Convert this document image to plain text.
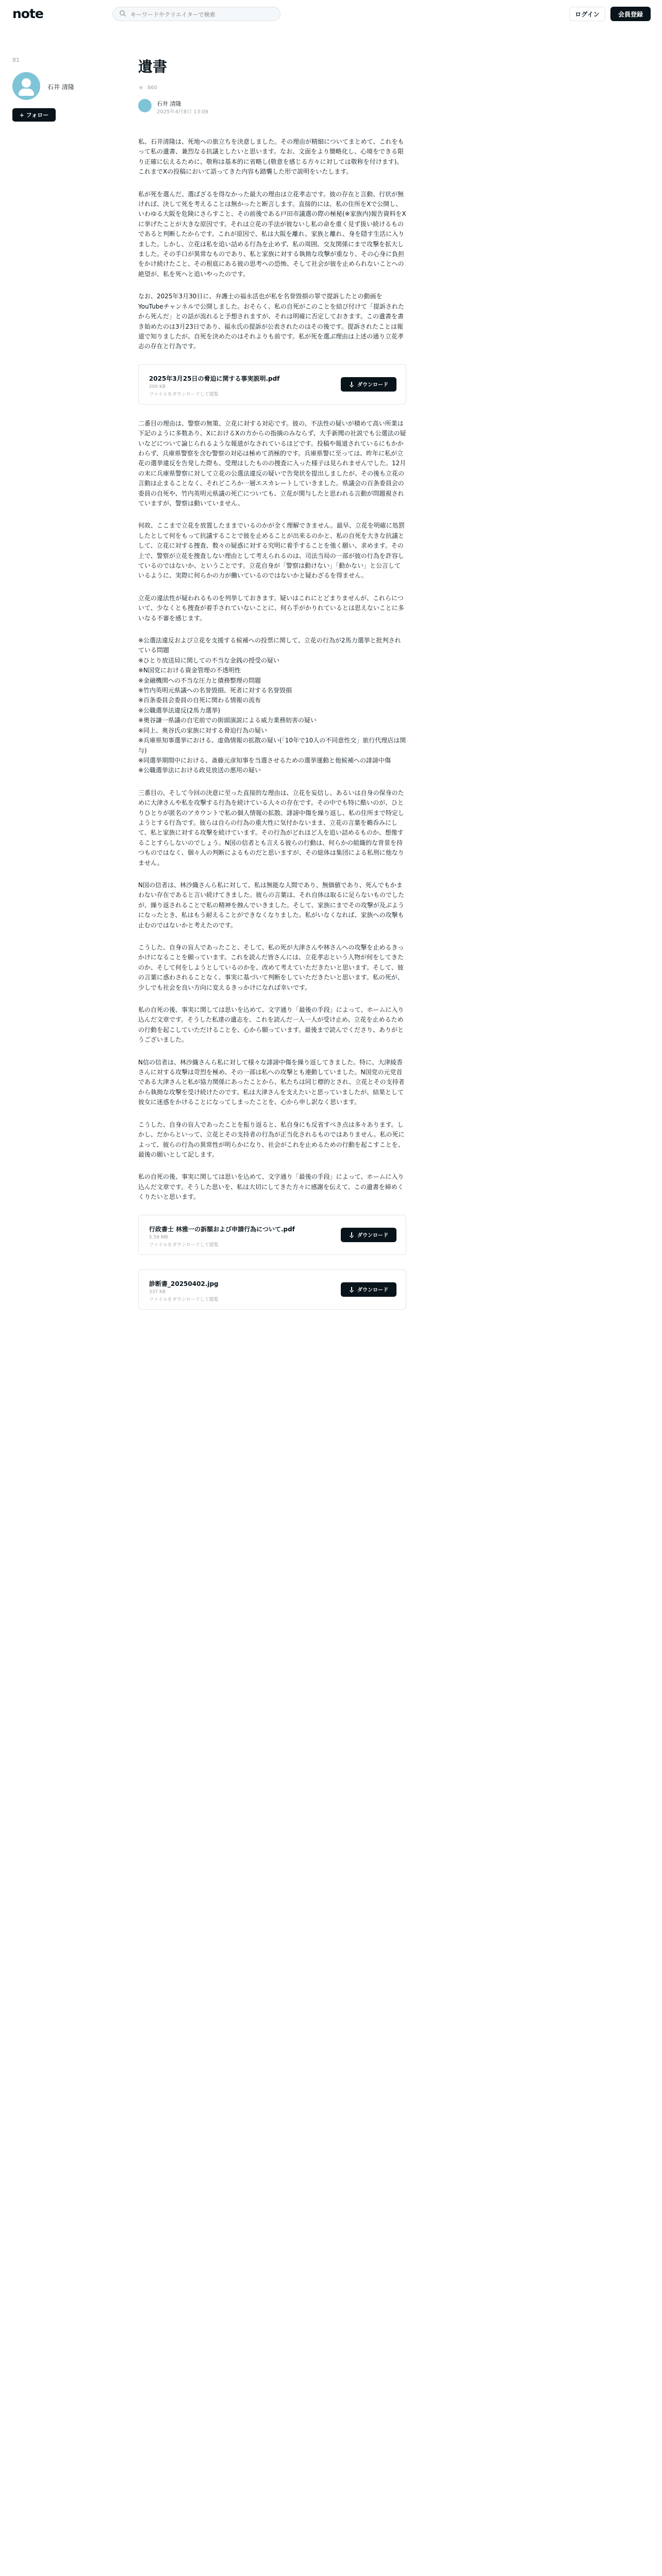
note
キーワードやクリエイターで検索	ログイン	会員登録
81
石井 清隆
+ フォロー
遺書
★ 860
石井 清隆
2025年4月8日 13:09

私、石井清隆は、死地への旅立ちを決意しました。その理由が精細についてまとめて、これをもって私の遺書、兼烈なる抗議としたいと思います。なお、文面をより簡略化し、心境をできる限り正確に伝えるために、敬称は基本的に省略し(敬意を感じる方々に対しては敬称を付けます)。これまでXの投稿において語ってきた内容も踏襲した形で説明をいたします。

私が死を選んだ、選ばざるを得なかった最大の理由は立花孝志です。彼の存在と言動、行状が無ければ、決して死を考えることは無かったと断言します。直接的には、私の住所をXで公開し、いわゆる大阪を危険にさらすこと、その前後である戸田市議選の際の極秘(※家族内)報告資料をXに挙げたことが大きな原因です。それは立花の手法が彼ないし私の命を重く見ず扱い続けるものであると判断したからです。これが原因で、私は大阪を離れ、家族と離れ、身を隠す生活に入りました。しかし、立花は私を追い詰める行為を止めず、私の周囲、交友関係にまで攻撃を拡大しました。その手口が異常なものであり、私と家族に対する執拗な攻撃が重なり、その心身に負担をかけ続けたこと、その根底にある彼の思考への恐怖、そして社会が彼を止められないことへの絶望が、私を死へと追いやったのです。

なお、2025年3月30日に、弁護士の福永活也が私を名誉毀損の罪で提訴したとの動画をYouTubeチャンネルで公開しました。おそらく、私の自死がこのことを結び付けて「提訴されたから死んだ」との話が流れると予想されますが、それは明確に否定しておきます。この遺書を書き始めたのは3月23日であり、福永氏の提訴が公表されたのはその後です。提訴されたことは報道で知りましたが、自死を決めたのはそれよりも前です。私が死を選ぶ理由は上述の通り立花孝志の存在と行為です。

2025年3月25日の脅迫に関する事実説明.pdf
200 KB
ファイルをダウンロードして閲覧
ダウンロード

二番目の理由は、警察の無策、立花に対する対応です。彼の、不法性の疑いが積めて高い所業は下記のように多数あり、XにおけるXの方からの指摘のみならず、大手新聞の社説でも公選法の疑いなどについて論じられるような報道がなされているほどです。投稿や報道されているにもかかわらず、兵庫県警察を含む警察の対応は極めて消極的です。兵庫県警に至っては、昨年に私が立花の選挙違反を告発した際も、受理はしたものの捜査に入った様子は見られませんでした。12月の末に兵庫県警察に対して立花の公選法違反の疑いで告発状を提出しましたが、その後も立花の言動は止まることなく、それどころか一層エスカレートしていきました。県議会の百条委員会の委員の自死や、竹内英明元県議の死亡についても、立花が関与したと思われる言動が問題視されていますが、警察は動いていません。

何故、ここまで立花を放置したままでいるのかが全く理解できません。最早、立花を明確に処罰したとして何をもって抗議することで彼を止めることが出来るのかと、私の自死を大きな抗議として、立花に対する捜査、数々の疑惑に対する究明に着手することを強く願い、求めます。その上で、警察が立花を捜査しない理由として考えられるのは、司法当局の一部が彼の行為を許容しているのではないか、ということです。立花自身が「警察は動けない」「動かない」と公言しているように、実際に何らかの力が働いているのではないかと疑わざるを得ません。

立花の違法性が疑われるものを列挙しておきます。疑いはこれにとどまりませんが、これらについて、少なくとも捜査が着手されていないことに、何ら手がかりれているとは思えないことに多いなる不審を感じます。

※公選法違反および立花を支援する候補への投票に関して、立花の行為が2馬力選挙と批判されている問題
※ひとり放送局に関しての不当な金銭の授受の疑い
※N国党における資金管理の不透明性
※金融機関への不当な圧力と債務整理の問題
※竹内英明元県議への名誉毀損、死者に対する名誉毀損
※百条委員会委員の自死に関わる情報の流布
※公職選挙法違反(2馬力選挙)
※奥谷謙一県議の自宅前での街頭演説による威力業務妨害の疑い
※同上、奥谷氏の家族に対する脅迫行為の疑い
※兵庫県知事選挙における、虚偽情報の拡散の疑い(「10年で10人の不同意性交」旅行代理店は関与)
※同選挙期間中における、斎藤元彦知事を当選させるための選挙運動と他候補への誹謗中傷
※公職選挙法における政見放送の悪用の疑い

三番目の、そして今回の決意に至った直接的な理由は、立花を妄信し、あるいは自身の保身のために大津さんや私を攻撃する行為を続けている人々の存在です。その中でも特に酷いのが、ひとりひとりが匿名のアカウントで私の個人情報の拡散、誹謗中傷を繰り返し、私の住所まで特定しようとする行為です。彼らは自らの行為の重大性に気付かないまま、立花の言葉を鵜呑みにして、私と家族に対する攻撃を続けています。その行為がどれほど人を追い詰めるものか、想像することすらしないのでしょう。N国の信者とも言える彼らの行動は、何らかの組織的な背景を持つものではなく、個々人の判断によるものだと思いますが、その総体は集団による私刑に他なりません。

N国の信者は、林沙織さんら私に対して、私は無能な人間であり、無価値であり、死んでもかまわない存在であると言い続けてきました。彼らの言葉は、それ自体は取るに足らないものでしたが、繰り返されることで私の精神を蝕んでいきました。そして、家族にまでその攻撃が及ぶようになったとき、私はもう耐えることができなくなりました。私がいなくなれば、家族への攻撃も止むのではないかと考えたのです。

こうした、自身の盲人であったこと、そして、私の死が大津さんや林さんへの攻撃を止めるきっかけになることを願っています。これを読んだ皆さんには、立花孝志という人物が何をしてきたのか、そして何をしようとしているのかを、改めて考えていただきたいと思います。そして、彼の言葉に惑わされることなく、事実に基づいて判断をしていただきたいと思います。私の死が、少しでも社会を良い方向に変えるきっかけになれば幸いです。

私の自死の後、事実に関しては思いを込めて、文字通り「最後の手段」によって、ホームに入り込んだ文章です。そうした私達の遺志を、これを読んだ一人一人が受け止め、立花を止めるための行動を起こしていただけることを、心から願っています。最後まで読んでくださり、ありがとうございました。

N信の信者は、林沙織さんら私に対して様々な誹謗中傷を繰り返してきました。特に、大津綾香さんに対する攻撃は苛烈を極め、その一部は私への攻撃とも連動していました。N国党の元党首である大津さんと私が協力関係にあったことから、私たちは同じ標的とされ、立花とその支持者から執拗な攻撃を受け続けたのです。私は大津さんを支えたいと思っていましたが、結果として彼女に迷惑をかけることになってしまったことを、心から申し訳なく思います。

こうした、自身の盲人であったことを振り返ると、私自身にも反省すべき点は多々あります。しかし、だからといって、立花とその支持者の行為が正当化されるものではありません。私の死によって、彼らの行為の異常性が明らかになり、社会がこれを止めるための行動を起こすことを、最後の願いとして記します。

私の自死の後、事実に関しては思いを込めて、文字通り「最後の手段」によって、ホームに入り込んだ文章です。そうした思いを、私は大切にしてきた方々に感謝を伝えて、この遺書を締めくくりたいと思います。

行政書士 林雅一の訴額および申請行為について.pdf
5.59 MB
ファイルをダウンロードして閲覧
ダウンロード
診断書_20250402.jpg
337 KB
ファイルをダウンロードして閲覧
ダウンロード
